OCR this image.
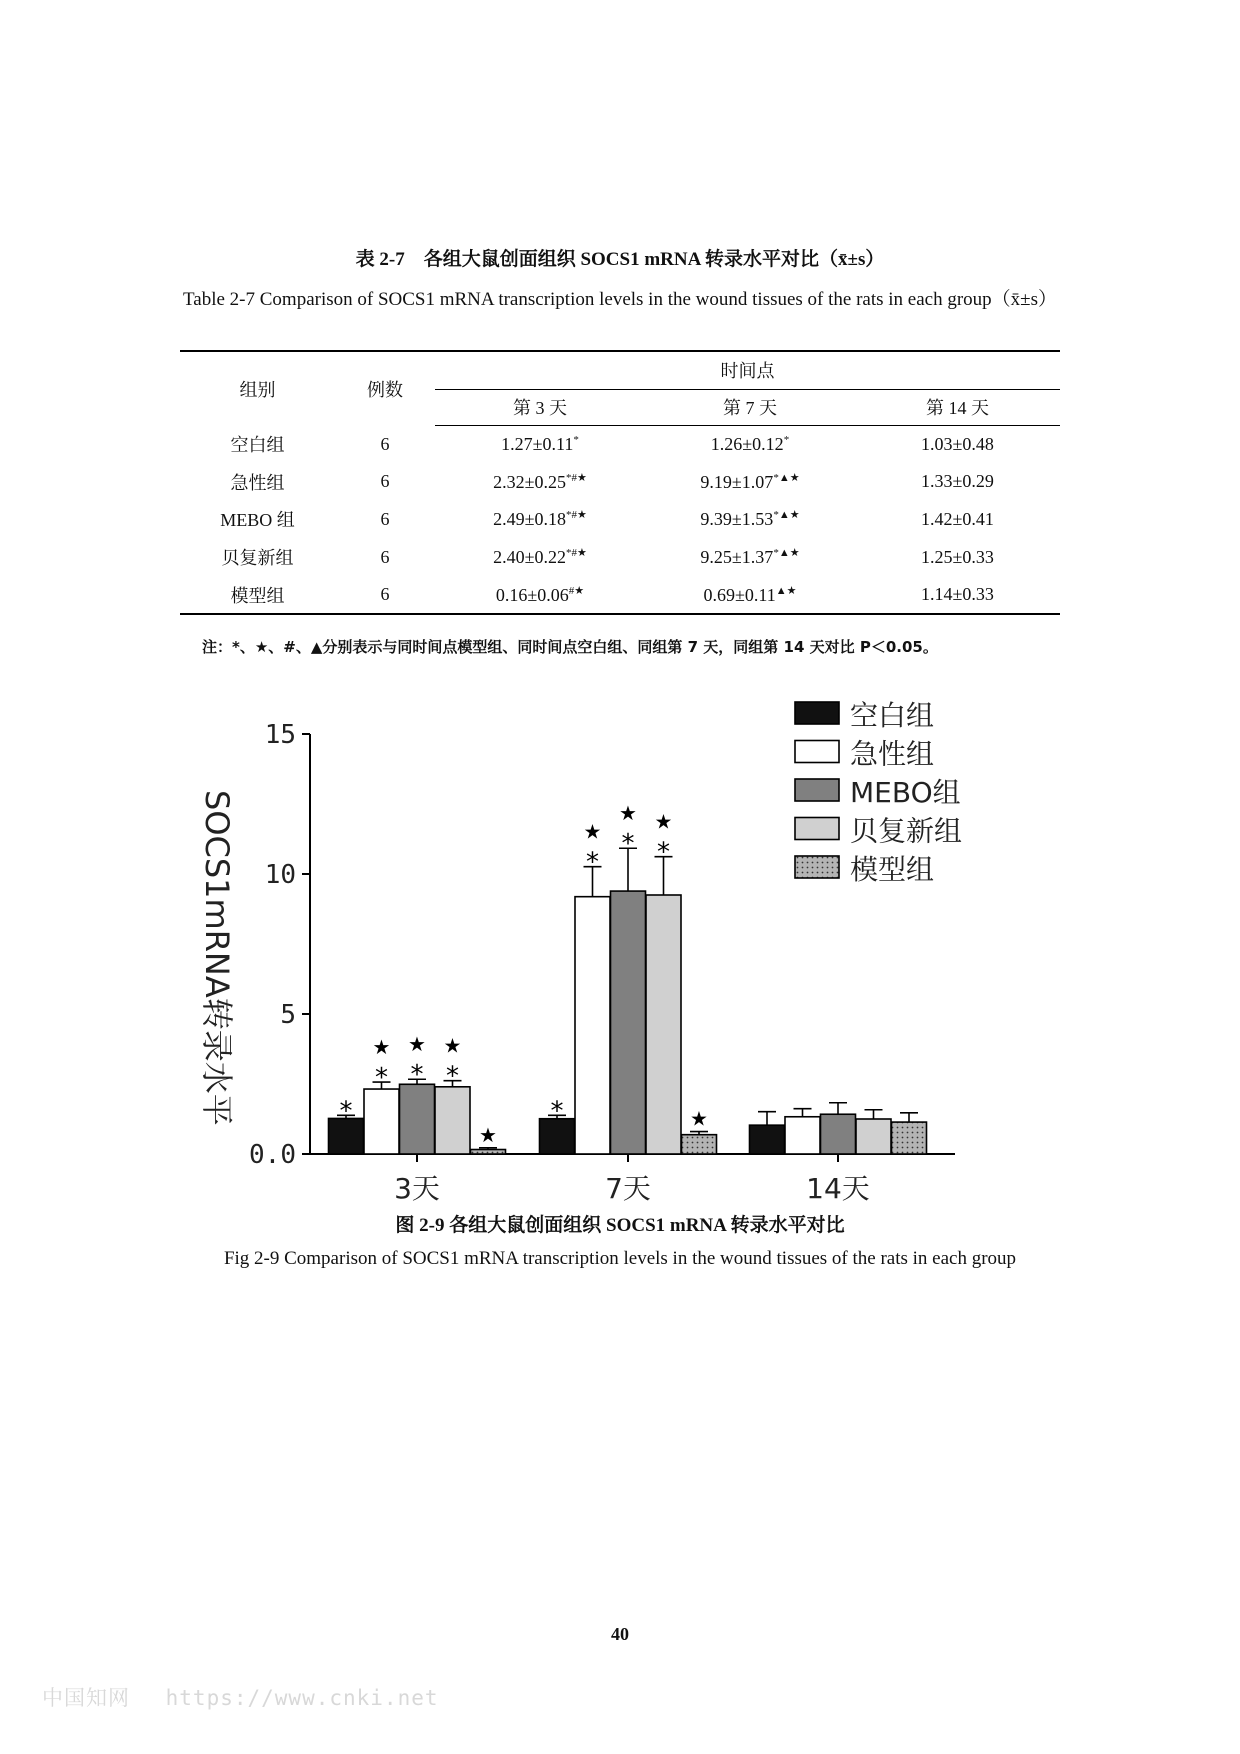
表 2-7　各组大鼠创面组织 SOCS1 mRNA 转录水平对比（x̄±s）
Table 2-7 Comparison of SOCS1 mRNA transcription levels in the wound tissues of the rats in each group（x̄±s）
组别	例数	时间点		
		第 3 天	第 7 天	第 14 天
空白组	6	1.27±0.11*	1.26±0.12*	1.03±0.48
急性组	6	2.32±0.25*#★	9.19±1.07*▲★	1.33±0.29
MEBO 组	6	2.49±0.18*#★	9.39±1.53*▲★	1.42±0.41
贝复新组	6	2.40±0.22*#★	9.25±1.37*▲★	1.25±0.33
模型组	6	0.16±0.06#★	0.69±0.11▲★	1.14±0.33
注：*、★、#、▲分别表示与同时间点模型组、同时间点空白组、同组第 7 天，同组第 14 天对比 P＜0.05。
0.0
5
10
15
SOCS1mRNA转录水平
3天
*
*
★
*
★
*
★
★
7天
*
*
★ *
★
*
★
★
14天
空白组
急性组
MEBO组
贝复新组
模型组
图 2-9 各组大鼠创面组织 SOCS1 mRNA 转录水平对比
Fig 2-9 Comparison of SOCS1 mRNA transcription levels in the wound tissues of the rats in each group
40
中国知网　 https://www.cnki.net
